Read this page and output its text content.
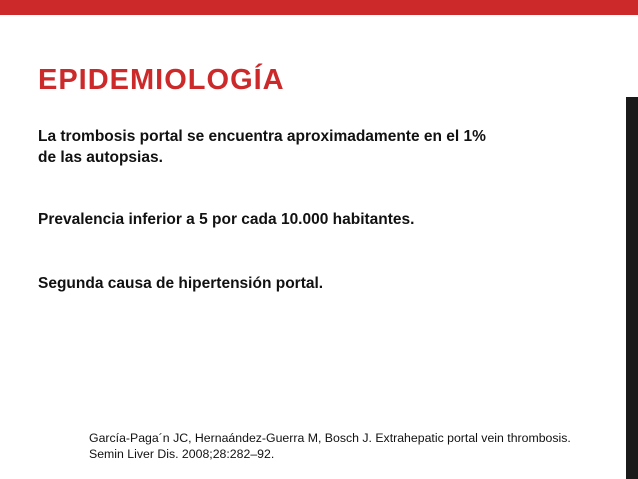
EPIDEMIOLOGÍA

La trombosis portal se encuentra aproximadamente en el 1%
de las autopsias.

Prevalencia inferior a 5 por cada 10.000 habitantes.

Segunda causa de hipertensión portal.

García-Paga´n JC, Hernaández-Guerra M, Bosch J. Extrahepatic portal vein thrombosis.
Semin Liver Dis. 2008;28:282–92.
